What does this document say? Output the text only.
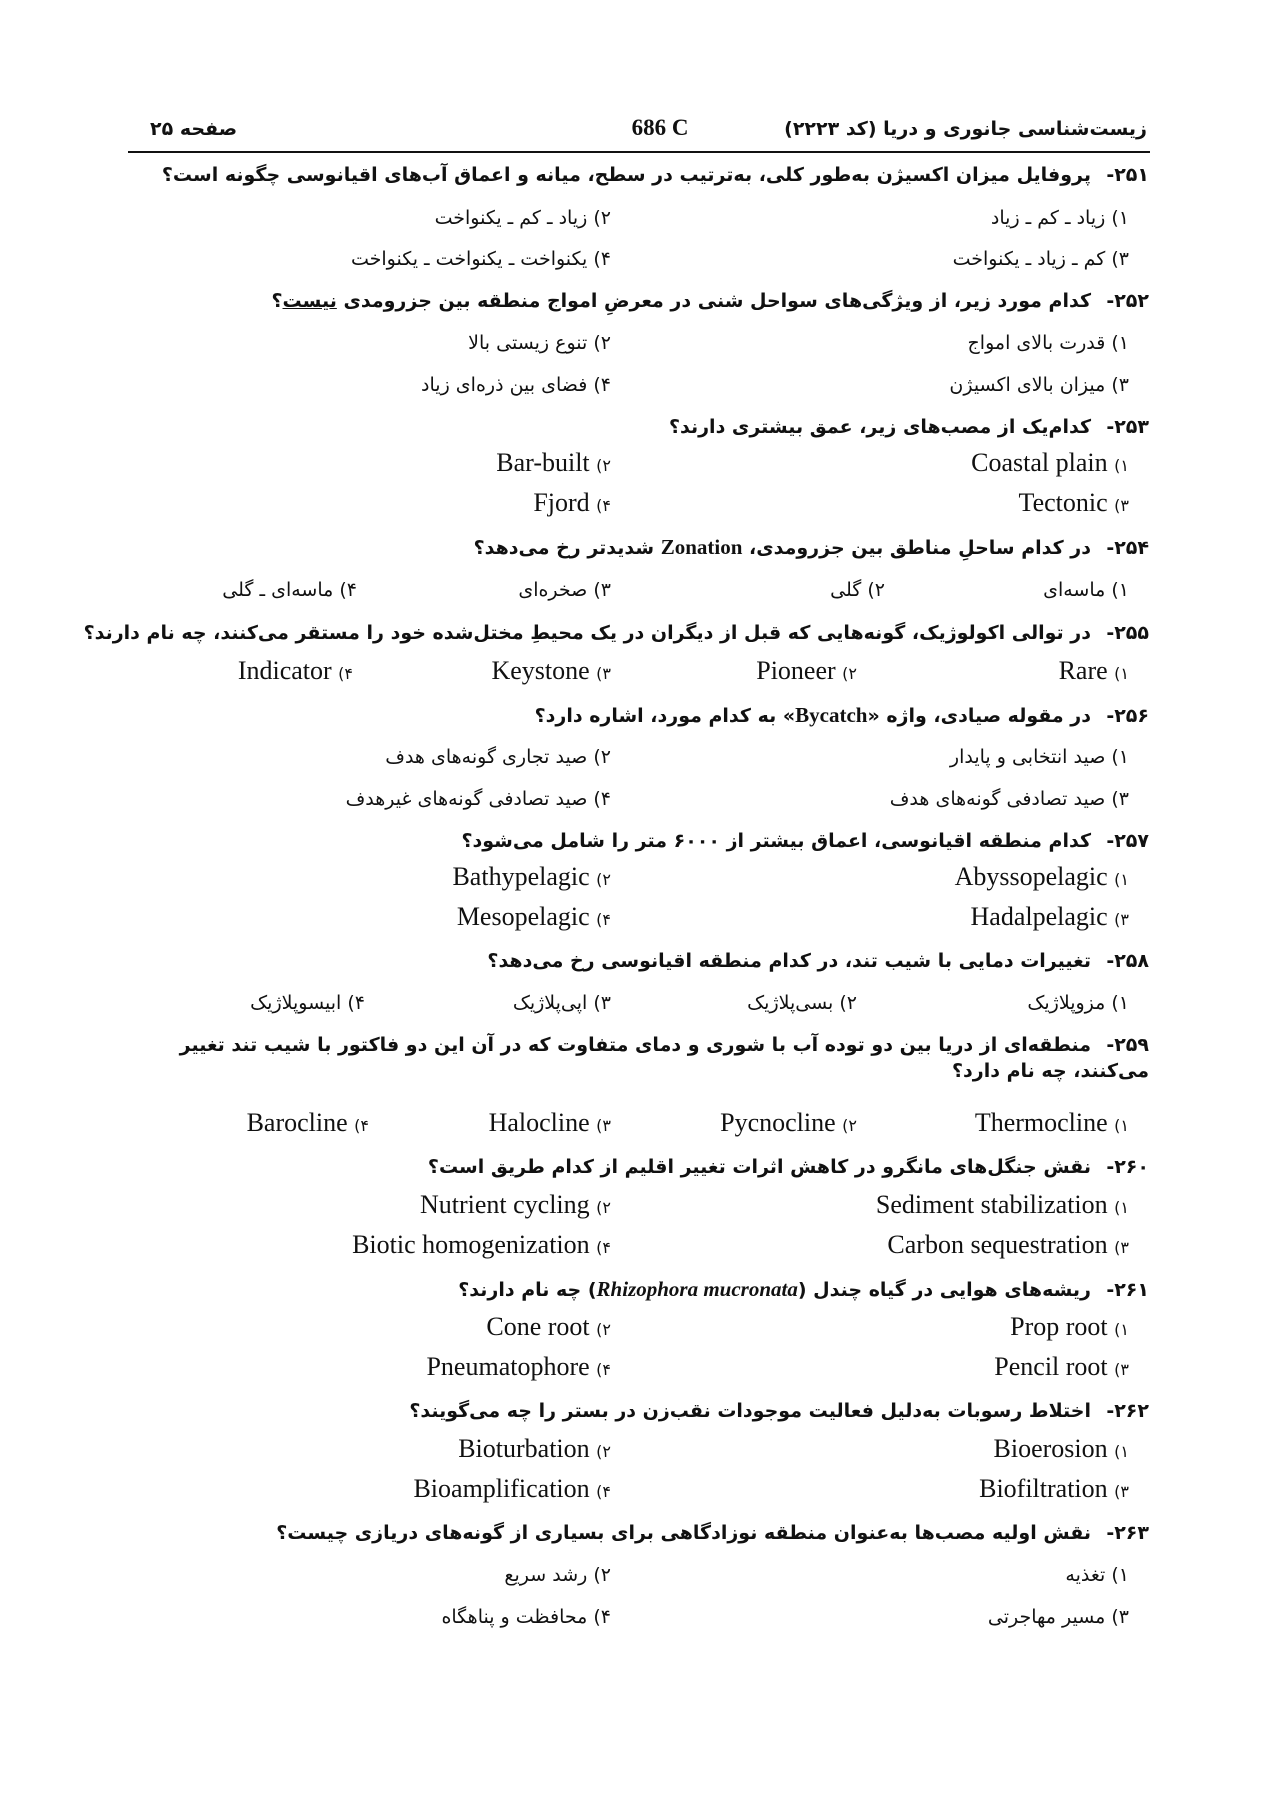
زیست‌شناسی جانوری و دریا (کد ۲۲۲۳)
686 C
صفحه ۲۵
۲۵۱-پروفایل میزان اکسیژن به‌طور کلی، به‌ترتیب در سطح، میانه و اعماق آب‌های اقیانوسی چگونه است؟
۱) زیاد ـ کم ـ زیاد
۲) زیاد ـ کم ـ یکنواخت
۳) کم ـ زیاد ـ یکنواخت
۴) یکنواخت ـ یکنواخت ـ یکنواخت
۲۵۲-کدام مورد زیر، از ویژگی‌های سواحل شنی در معرضِ امواج منطقه بین جزرومدی نیست؟
۱) قدرت بالای امواج
۲) تنوع زیستی بالا
۳) میزان بالای اکسیژن
۴) فضای بین ذره‌ای زیاد
۲۵۳-کدام‌یک از مصب‌های زیر، عمق بیشتری دارند؟
Coastal plain (۱
Bar-built (۲
Tectonic (۳
Fjord (۴
۲۵۴-در کدام ساحلِ مناطق بین جزرومدی، Zonation شدیدتر رخ می‌دهد؟
۱) ماسه‌ای
۲) گلی
۳) صخره‌ای
۴) ماسه‌ای ـ گلی
۲۵۵-در توالی اکولوژیک، گونه‌هایی که قبل از دیگران در یک محیطِ مختل‌شده خود را مستقر می‌کنند، چه نام دارند؟
Rare (۱
Pioneer (۲
Keystone (۳
Indicator (۴
۲۵۶-در مقوله صیادی، واژه «Bycatch» به کدام مورد، اشاره دارد؟
۱) صید انتخابی و پایدار
۲) صید تجاری گونه‌های هدف
۳) صید تصادفی گونه‌های هدف
۴) صید تصادفی گونه‌های غیرهدف
۲۵۷-کدام منطقه اقیانوسی، اعماق بیشتر از ۶۰۰۰ متر را شامل می‌شود؟
Abyssopelagic (۱
Bathypelagic (۲
Hadalpelagic (۳
Mesopelagic (۴
۲۵۸-تغییرات دمایی با شیب تند، در کدام منطقه اقیانوسی رخ می‌دهد؟
۱) مزوپلاژیک
۲) بسی‌پلاژیک
۳) اپی‌پلاژیک
۴) ابیسوپلاژیک
۲۵۹-منطقه‌ای از دریا بین دو توده آب با شوری و دمای متفاوت که در آن این دو فاکتور با شیب تند تغییر می‌کنند، چه نام دارد؟
Thermocline (۱
Pycnocline (۲
Halocline (۳
Barocline (۴
۲۶۰-نقش جنگل‌های مانگرو در کاهش اثرات تغییر اقلیم از کدام طریق است؟
Sediment stabilization (۱
Nutrient cycling (۲
Carbon sequestration (۳
Biotic homogenization (۴
۲۶۱-ریشه‌های هوایی در گیاه چندل (Rhizophora mucronata) چه نام دارند؟
Prop root (۱
Cone root (۲
Pencil root (۳
Pneumatophore (۴
۲۶۲-اختلاط رسوبات به‌دلیل فعالیت موجودات نقب‌زن در بستر را چه می‌گویند؟
Bioerosion (۱
Bioturbation (۲
Biofiltration (۳
Bioamplification (۴
۲۶۳-نقش اولیه مصب‌ها به‌عنوان منطقه نوزادگاهی برای بسیاری از گونه‌های دریازی چیست؟
۱) تغذیه
۲) رشد سریع
۳) مسیر مهاجرتی
۴) محافظت و پناهگاه
